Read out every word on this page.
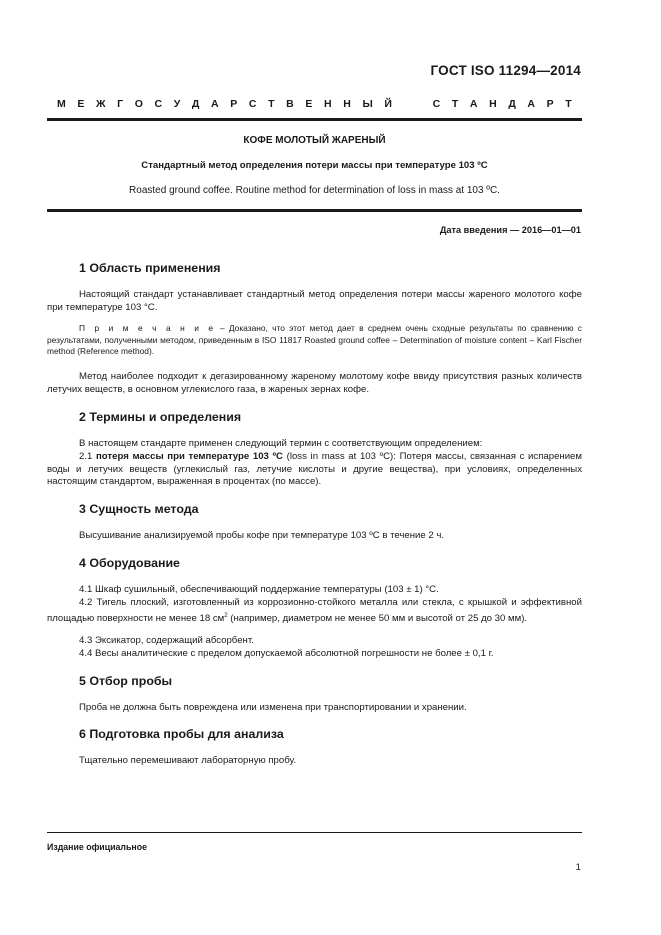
ГОСТ ISO 11294—2014
М Е Ж Г О С У Д А Р С Т В Е Н Н Ы Й

	С Т А Н Д А Р Т
КОФЕ МОЛОТЫЙ ЖАРЕНЫЙ
Стандартный метод определения потери массы при температуре 103 ºС
Roasted ground coffee. Routine method for determination of loss in mass at 103 ºC.
Дата введения — 2016—01—01
1 Область применения
Настоящий стандарт устанавливает стандартный метод определения потери массы жареного молотого кофе при температуре 103 °С.
П р и м е ч а н и е – Доказано, что этот метод дает в среднем очень сходные результаты по сравнению с результатами, полученными методом, приведенным в ISO 11817 Roasted ground coffee – Determination of moisture content – Karl Fischer method (Reference method).
Метод наиболее подходит к дегазированному жареному молотому кофе ввиду присутствия разных количеств летучих веществ, в основном углекислого газа, в жареных зернах кофе.
2 Термины и определения
В настоящем стандарте применен следующий термин с соответствующим определением:
2.1 потеря массы при температуре 103 ºС (loss in mass at 103 ºC): Потеря массы, связанная с испарением воды и летучих веществ (углекислый газ, летучие кислоты и другие вещества), при условиях, определенных настоящим стандартом, выраженная в процентах (по массе).
3 Сущность метода
Высушивание анализируемой пробы кофе при температуре 103 ºС в течение 2 ч.
4 Оборудование
4.1 Шкаф сушильный, обеспечивающий поддержание температуры (103 ± 1) °С.
4.2 Тигель плоский, изготовленный из коррозионно-стойкого металла или стекла, с крышкой и эффективной площадью поверхности не менее 18 $см^2$ (например, диаметром не менее 50 мм и высотой от 25 до 30 мм).
4.3 Эксикатор, содержащий абсорбент.
4.4 Весы аналитические с пределом допускаемой абсолютной погрешности не более ± 0,1 г.
5 Отбор пробы
Проба не должна быть повреждена или изменена при транспортировании и хранении.
6 Подготовка пробы для анализа
Тщательно перемешивают лабораторную пробу.
Издание официальное
1
